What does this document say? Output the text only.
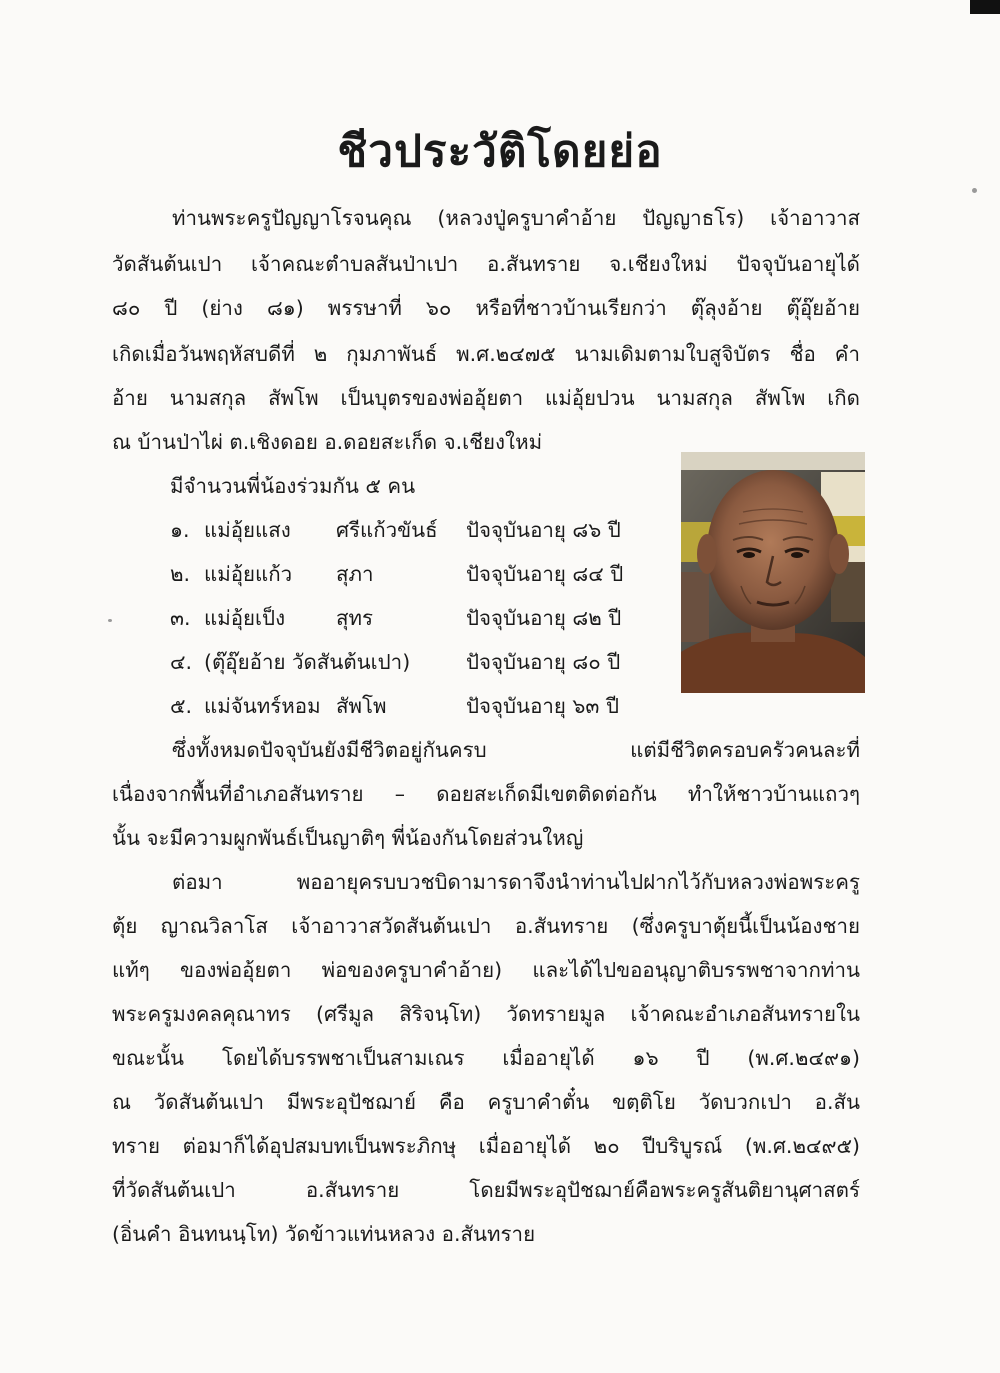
ชีวประวัติโดยย่อ
ท่านพระครูปัญญาโรจนคุณ (หลวงปู่ครูบาคำอ้าย ปัญญาธโร) เจ้าอาวาส
วัดสันต้นเปา เจ้าคณะตำบลสันป่าเปา อ.สันทราย จ.เชียงใหม่ ปัจจุบันอายุได้
๘๐ ปี (ย่าง ๘๑) พรรษาที่ ๖๐ หรือที่ชาวบ้านเรียกว่า ตุ๊ลุงอ้าย ตุ๊อุ๊ยอ้าย
เกิดเมื่อวันพฤหัสบดีที่ ๒ กุมภาพันธ์ พ.ศ.๒๔๗๕ นามเดิมตามใบสูจิบัตร ชื่อ คำ
อ้าย นามสกุล สัพโพ เป็นบุตรของพ่ออุ้ยตา แม่อุ้ยปวน นามสกุล สัพโพ เกิด
ณ บ้านป่าไผ่ ต.เชิงดอย อ.ดอยสะเก็ด จ.เชียงใหม่
มีจำนวนพี่น้องร่วมกัน ๕ คน
๑. แม่อุ้ยแสง ศรีแก้วขันธ์ ปัจจุบันอายุ ๘๖ ปี
๒. แม่อุ้ยแก้ว สุภา	ปัจจุบันอายุ ๘๔ ปี
๓. แม่อุ้ยเป็ง สุทร	ปัจจุบันอายุ ๘๒ ปี
๔. (ตุ๊อุ๊ยอ้าย วัดสันต้นเปา)	ปัจจุบันอายุ ๘๐ ปี
๕. แม่จันทร์หอม สัพโพ	ปัจจุบันอายุ ๖๓ ปี
ซึ่งทั้งหมดปัจจุบันยังมีชีวิตอยู่กันครบ แต่มีชีวิตครอบครัวคนละที่
เนื่องจากพื้นที่อำเภอสันทราย – ดอยสะเก็ดมีเขตติดต่อกัน ทำให้ชาวบ้านแถวๆ
นั้น จะมีความผูกพันธ์เป็นญาติๆ พี่น้องกันโดยส่วนใหญ่
ต่อมา พออายุครบบวชบิดามารดาจึงนำท่านไปฝากไว้กับหลวงพ่อพระครู
ตุ้ย ญาณวิลาโส เจ้าอาวาสวัดสันต้นเปา อ.สันทราย (ซึ่งครูบาตุ้ยนี้เป็นน้องชาย
แท้ๆ ของพ่ออุ้ยตา พ่อของครูบาคำอ้าย) และได้ไปขออนุญาติบรรพชาจากท่าน
พระครูมงคลคุณาทร (ศรีมูล สิริจนฺโท) วัดทรายมูล เจ้าคณะอำเภอสันทรายใน
ขณะนั้น โดยได้บรรพชาเป็นสามเณร เมื่ออายุได้ ๑๖ ปี (พ.ศ.๒๔๙๑)
ณ วัดสันต้นเปา มีพระอุปัชฌาย์ คือ ครูบาคำตั๋น ขตฺติโย วัดบวกเปา อ.สัน
ทราย ต่อมาก็ได้อุปสมบทเป็นพระภิกษุ เมื่ออายุได้ ๒๐ ปีบริบูรณ์ (พ.ศ.๒๔๙๕)
ที่วัดสันต้นเปา อ.สันทราย โดยมีพระอุปัชฌาย์คือพระครูสันติยานุศาสตร์
(อิ่นคำ อินทนนฺโท) วัดข้าวแท่นหลวง อ.สันทราย
